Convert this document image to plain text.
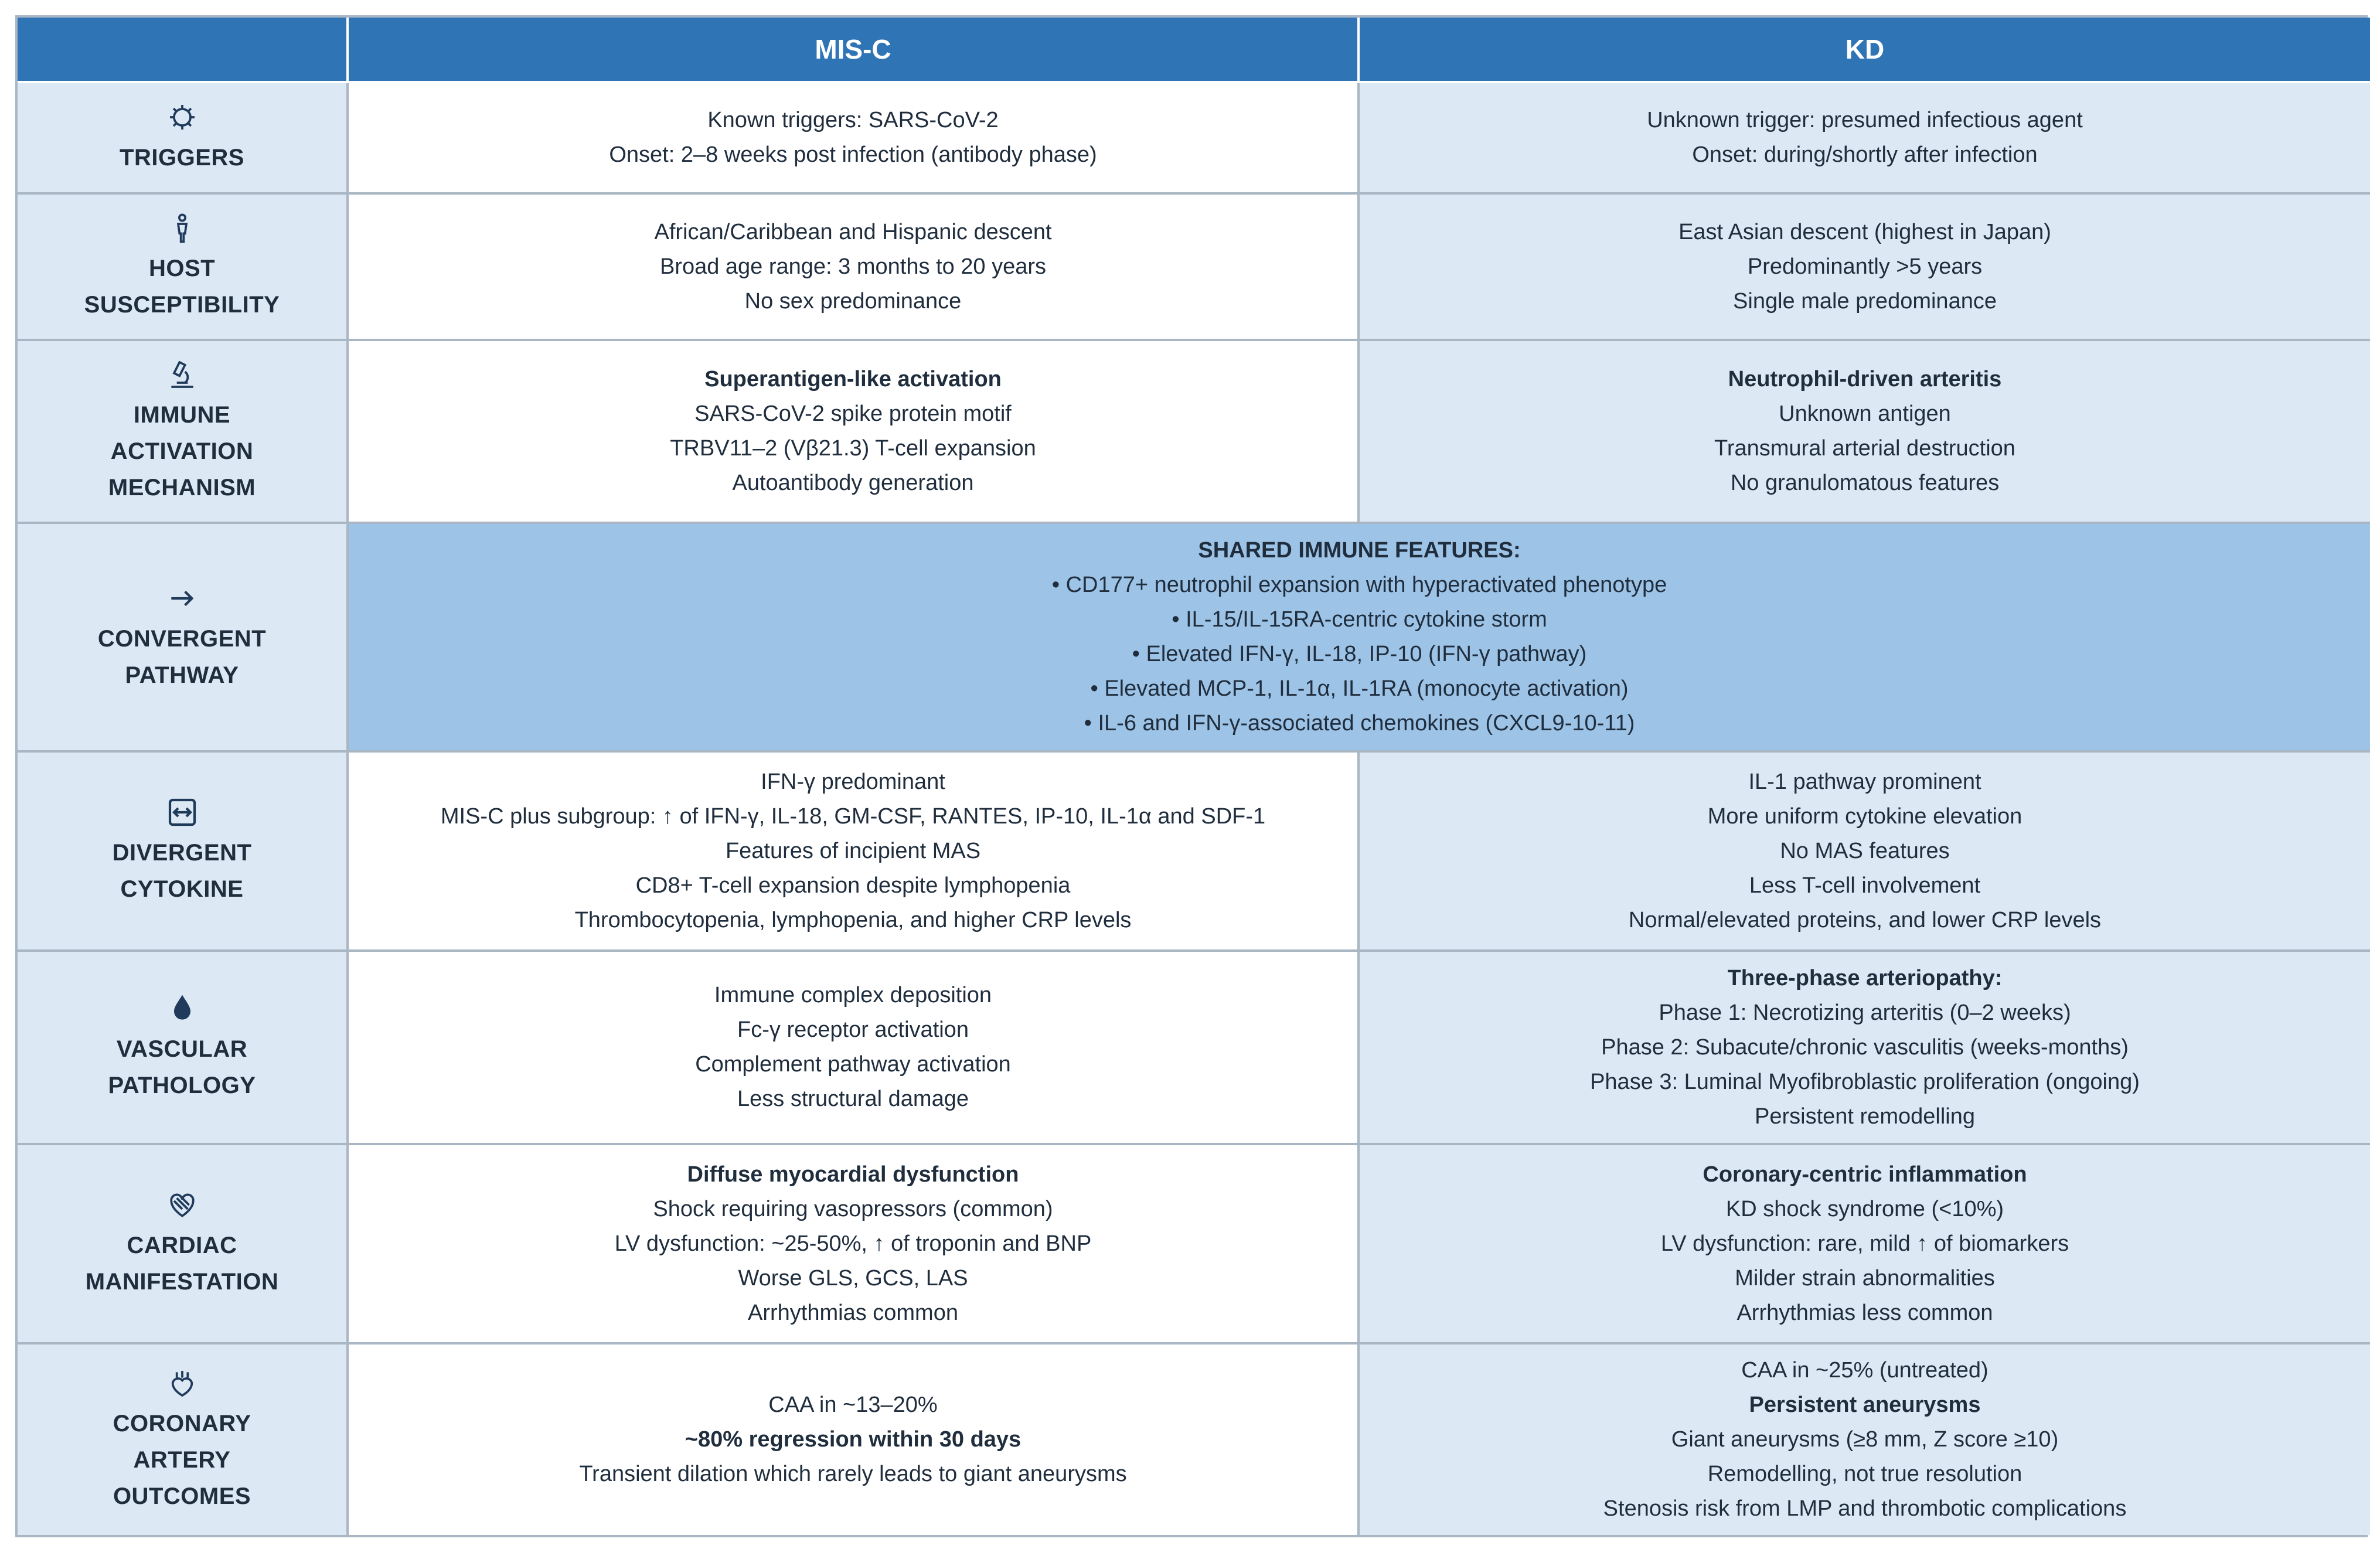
MIS-C	KD
TRIGGERS
Known triggers: SARS-CoV-2
Onset: 2–8 weeks post infection (antibody phase)
Unknown trigger: presumed infectious agent
Onset: during/shortly after infection
HOST
SUSCEPTIBILITY
African/Caribbean and Hispanic descent
Broad age range: 3 months to 20 years
No sex predominance
East Asian descent (highest in Japan)
Predominantly >5 years
Single male predominance
IMMUNE
ACTIVATION
MECHANISM
Superantigen-like activation
SARS-CoV-2 spike protein motif
TRBV11–2 (Vβ21.3) T-cell expansion
Autoantibody generation
Neutrophil-driven arteritis
Unknown antigen
Transmural arterial destruction
No granulomatous features
CONVERGENT
PATHWAY
SHARED IMMUNE FEATURES:
• CD177+ neutrophil expansion with hyperactivated phenotype
• IL-15/IL-15RA-centric cytokine storm
• Elevated IFN-γ, IL-18, IP-10 (IFN-γ pathway)
• Elevated MCP-1, IL-1α, IL-1RA (monocyte activation)
• IL-6 and IFN-γ-associated chemokines (CXCL9-10-11)
DIVERGENT
CYTOKINE
IFN-γ predominant
MIS-C plus subgroup: ↑ of IFN-γ, IL-18, GM-CSF, RANTES, IP-10, IL-1α and SDF-1
Features of incipient MAS
CD8+ T-cell expansion despite lymphopenia
Thrombocytopenia, lymphopenia, and higher CRP levels
IL-1 pathway prominent
More uniform cytokine elevation
No MAS features
Less T-cell involvement
Normal/elevated proteins, and lower CRP levels
VASCULAR
PATHOLOGY
Immune complex deposition
Fc-γ receptor activation
Complement pathway activation
Less structural damage
Three-phase arteriopathy:
Phase 1: Necrotizing arteritis (0–2 weeks)
Phase 2: Subacute/chronic vasculitis (weeks-months)
Phase 3: Luminal Myofibroblastic proliferation (ongoing)
Persistent remodelling
CARDIAC
MANIFESTATION
Diffuse myocardial dysfunction
Shock requiring vasopressors (common)
LV dysfunction: ~25-50%, ↑ of troponin and BNP
Worse GLS, GCS, LAS
Arrhythmias common
Coronary-centric inflammation
KD shock syndrome (<10%)
LV dysfunction: rare, mild ↑ of biomarkers
Milder strain abnormalities
Arrhythmias less common
CORONARY
ARTERY
OUTCOMES
CAA in ~13–20%
~80% regression within 30 days
Transient dilation which rarely leads to giant aneurysms
CAA in ~25% (untreated)
Persistent aneurysms
Giant aneurysms (≥8 mm, Z score ≥10)
Remodelling, not true resolution
Stenosis risk from LMP and thrombotic complications
